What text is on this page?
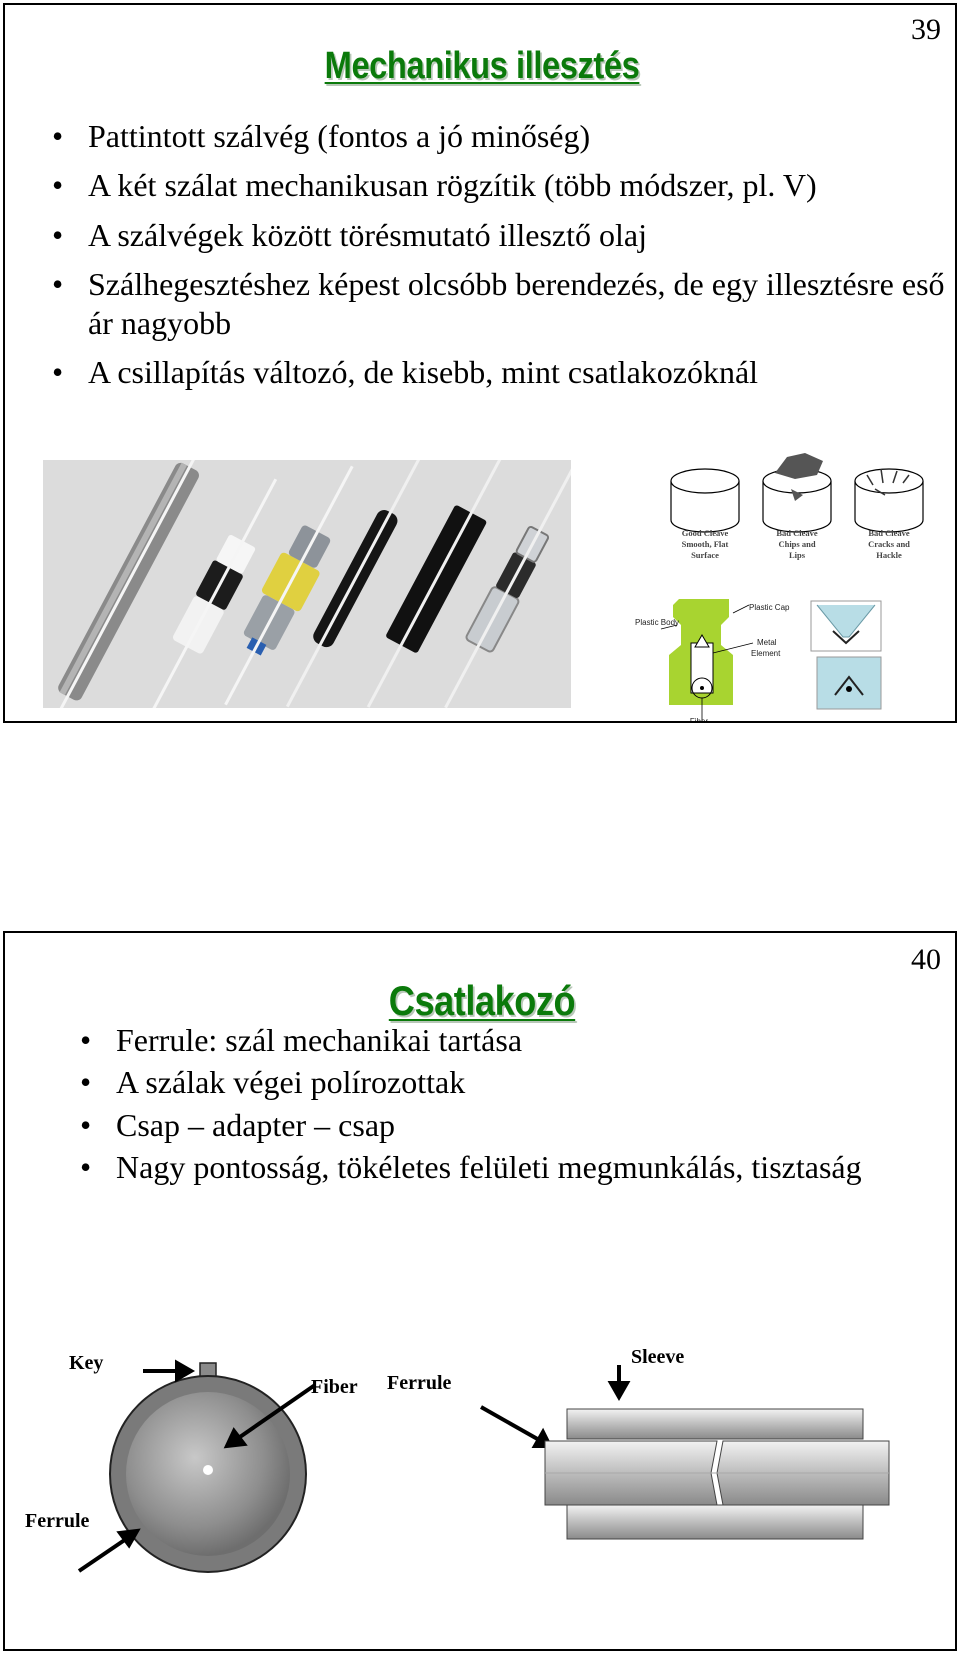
39
Mechanikus illesztés
• Pattintott szálvég (fontos a jó minőség)
• A két szálat mechanikusan rögzítik (több módszer, pl. V)
• A szálvégek között törésmutató illesztő olaj
• Szálhegesztéshez képest olcsóbb berendezés, de egy illesztésre eső ár nagyobb
• A csillapítás változó, de kisebb, mint csatlakozóknál
Good Cleave
Smooth, Flat
Surface
Bad Cleave
Chips and
Lips
Bad Cleave
Cracks and
Hackle
Plastic Cap
Plastic Body
Metal
Element
Fiber
40
Csatlakozó
• Ferrule: szál mechanikai tartása
• A szálak végei polírozottak
• Csap – adapter – csap
• Nagy pontosság, tökéletes felületi megmunkálás, tisztaság
Key
Fiber Ferrule
Sleeve
Ferrule
